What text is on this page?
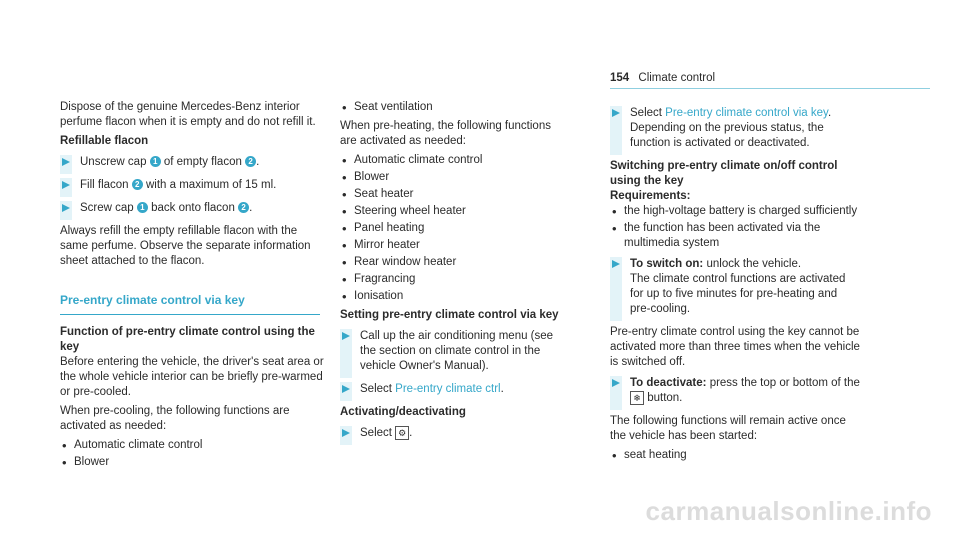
154 Climate control

Dispose of the genuine Mercedes-Benz interior perfume flacon when it is empty and do not refill it.

Refillable flacon

Unscrew cap 1 of empty flacon 2 .
Fill flacon 2 with a maximum of 15 ml.
Screw cap 1 back onto flacon 2 .

Always refill the empty refillable flacon with the same perfume. Observe the separate information sheet attached to the flacon.

Pre-entry climate control via key

Function of pre-entry climate control using the key

Before entering the vehicle, the driver's seat area or the whole vehicle interior can be briefly pre-warmed or pre-cooled.

When pre-cooling, the following functions are activated as needed:

• Automatic climate control
• Blower
• Seat ventilation

When pre-heating, the following functions are activated as needed:

• Automatic climate control
• Blower
• Seat heater
• Steering wheel heater
• Panel heating
• Mirror heater
• Rear window heater
• Fragrancing
• Ionisation

Setting pre-entry climate control via key

Call up the air conditioning menu (see the section on climate control in the vehicle Owner's Manual).
Select Pre-entry climate ctrl.

Activating/deactivating

Select ⚙ .
Select Pre-entry climate control via key. Depending on the previous status, the function is activated or deactivated.

Switching pre-entry climate on/off control using the key

Requirements:

• the high-voltage battery is charged sufficiently
• the function has been activated via the multimedia system
To switch on: unlock the vehicle.
The climate control functions are activated for up to five minutes for pre-heating and pre-cooling.

Pre-entry climate control using the key cannot be activated more than three times when the vehicle is switched off.

To deactivate: press the top or bottom of the ❄ button.

The following functions will remain active once the vehicle has been started:

• seat heating
carmanualsonline.info
